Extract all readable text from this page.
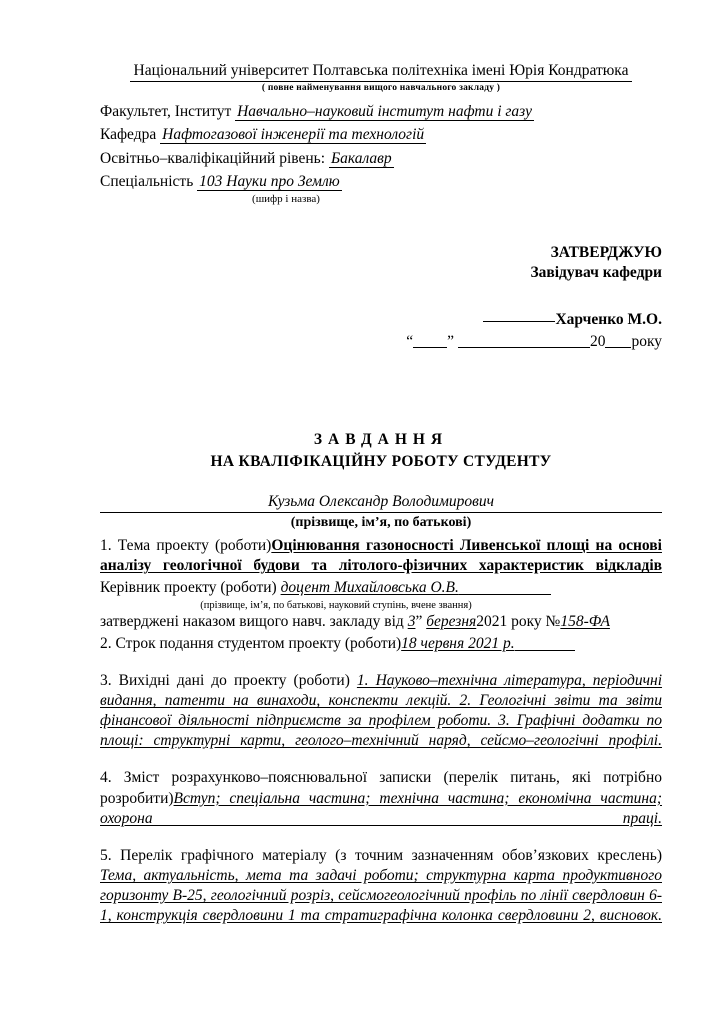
Національний університет Полтавська політехніка імені Юрія Кондратюка
( повне найменування вищого навчального закладу )
Факультет, Інститут Навчально–науковий інститут нафти і газу
Кафедра Нафтогазової інженерії та технологій
Освітньо–кваліфікаційний рівень: Бакалавр
Спеціальність 103 Науки про Землю
(шифр і назва)
ЗАТВЕРДЖУЮ
Завідувач кафедри
Харченко М.О.
“ ”	20 року
ЗАВДАННЯ
НА КВАЛІФІКАЦІЙНУ РОБОТУ СТУДЕНТУ
Кузьма Олександр Володимирович
(прізвище, ім’я, по батькові)
1. Тема проекту (роботи)Оцінювання газоносності Ливенської площі на основі аналізу геологічної будови та літолого-фізичних характеристик відкладів
Керівник проекту (роботи) доцент Михайловська О.В.
(прізвище, ім’я, по батькові, науковий ступінь, вчене звання)
затверджені наказом вищого навч. закладу від 3” березня2021 року №158-ФА
2. Строк подання студентом проекту (роботи)18 червня 2021 р.
3. Вихідні дані до проекту (роботи) 1. Науково–технічна література, періодичні видання, патенти на винаходи, конспекти лекцій. 2. Геологічні звіти та звіти фінансової діяльності підприємств за профілем роботи. 3. Графічні додатки по площі: структурні карти, геолого–технічний наряд, сейсмо–геологічні профілі.
4. Зміст розрахунково–пояснювальної записки (перелік питань, які потрібно розробити)Вступ; спеціальна частина; технічна частина; економічна частина; охорона праці.
5. Перелік графічного матеріалу (з точним зазначенням обов’язкових креслень) Тема, актуальність, мета та задачі роботи; структурна карта продуктивного горизонту В-25, геологічний розріз, сейсмогеологічний профіль по лінії свердловин 6-1, конструкція свердловини 1 та стратиграфічна колонка свердловини 2, висновок.
